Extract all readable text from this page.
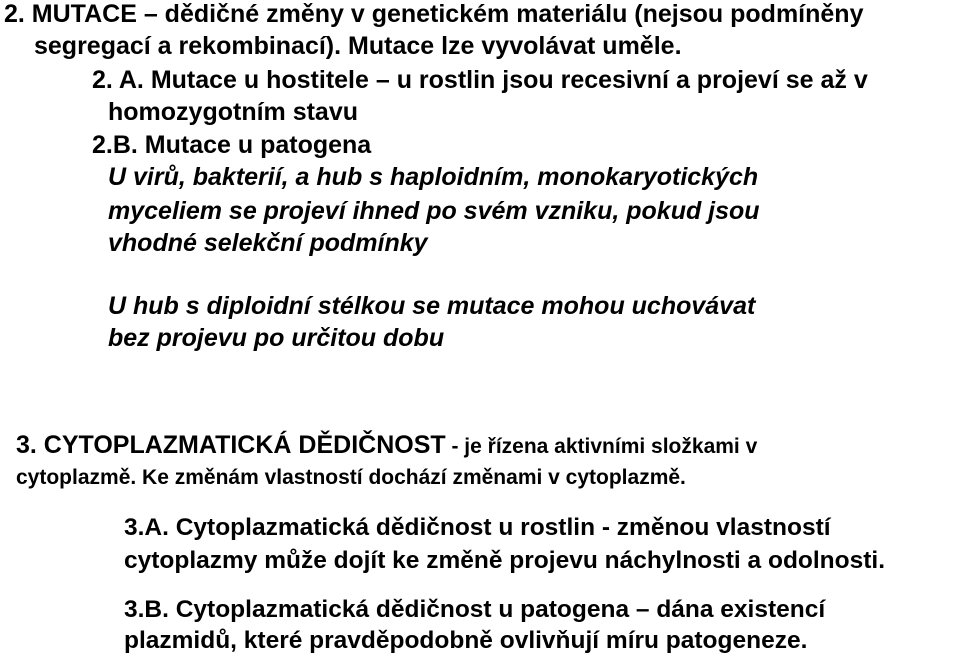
2. MUTACE – dědičné změny v genetickém materiálu (nejsou podmíněny
segregací a rekombinací). Mutace lze vyvolávat uměle.
2. A. Mutace u hostitele – u rostlin jsou recesivní a projeví se až v
homozygotním stavu
2.B. Mutace u patogena
U virů, bakterií, a hub s haploidním, monokaryotických
myceliem se projeví ihned po svém vzniku, pokud jsou
vhodné selekční podmínky
U hub s diploidní stélkou se mutace mohou uchovávat
bez projevu po určitou dobu
3. CYTOPLAZMATICKÁ DĚDIČNOST - je řízena aktivními složkami v
cytoplazmě. Ke změnám vlastností dochází změnami v cytoplazmě.
3.A. Cytoplazmatická dědičnost u rostlin - změnou vlastností
cytoplazmy může dojít ke změně projevu náchylnosti a odolnosti.
3.B. Cytoplazmatická dědičnost u patogena – dána existencí
plazmidů, které pravděpodobně ovlivňují míru patogeneze.
